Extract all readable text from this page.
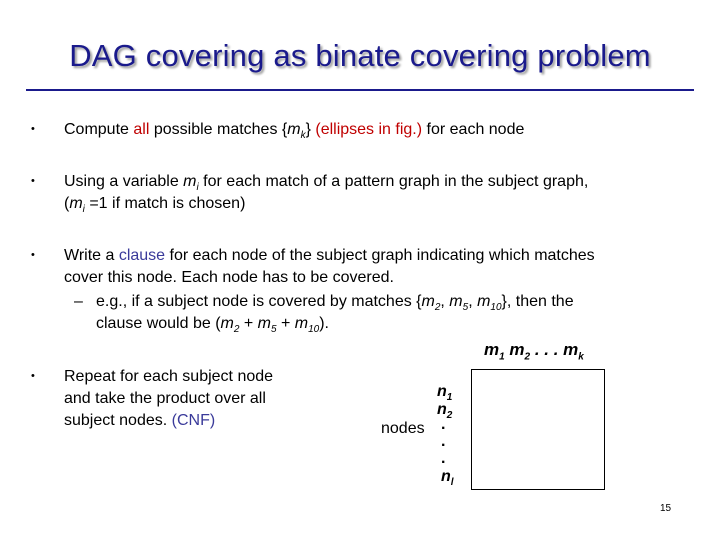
DAG covering as binate covering problem
• Compute all possible matches $\{m_k\}$ (ellipses in fig.) for each node
• Using a variable $m_i$ for each match of a pattern graph in the subject graph,
($m_i =1$ if match is chosen)
• Write a clause for each node of the subject graph indicating which matches
cover this node. Each node has to be covered.
– e.g., if a subject node is covered by matches {$m_2$, $m_5$, $m_{10}$}, then the
clause would be $(m_2 + m_5 + m_{10})$.
• Repeat for each subject node
and take the product over all
subject nodes. (CNF)
$m_1$ $m_2$ . . . $m_k$
nodes
$n_1$
$n_2$
.
.
.
$n_l$
15
